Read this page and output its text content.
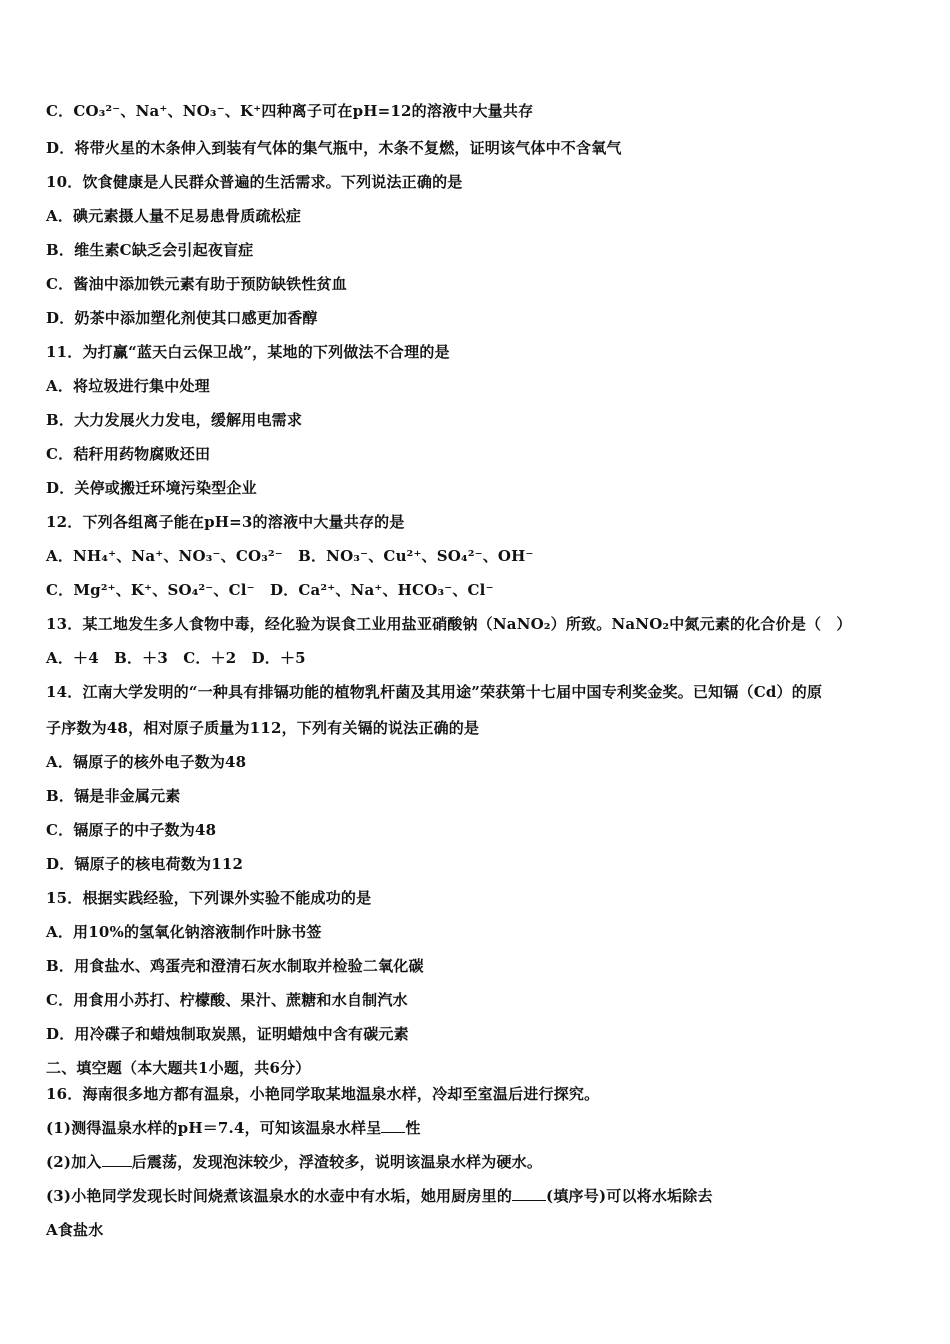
C．CO₃²⁻、Na⁺、NO₃⁻、K⁺四种离子可在pH=12的溶液中大量共存
D．将带火星的木条伸入到装有气体的集气瓶中，木条不复燃，证明该气体中不含氧气
10．饮食健康是人民群众普遍的生活需求。下列说法正确的是
A．碘元素摄人量不足易患骨质疏松症
B．维生素C缺乏会引起夜盲症
C．酱油中添加铁元素有助于预防缺铁性贫血
D．奶茶中添加塑化剂使其口感更加香醇
11．为打赢“蓝天白云保卫战”，某地的下列做法不合理的是
A．将垃圾进行集中处理
B．大力发展火力发电，缓解用电需求
C．秸秆用药物腐败还田
D．关停或搬迁环境污染型企业
12．下列各组离子能在pH=3的溶液中大量共存的是
A．NH₄⁺、Na⁺、NO₃⁻、CO₃²⁻　B．NO₃⁻、Cu²⁺、SO₄²⁻、OH⁻
C．Mg²⁺、K⁺、SO₄²⁻、Cl⁻　D．Ca²⁺、Na⁺、HCO₃⁻、Cl⁻
13．某工地发生多人食物中毒，经化验为误食工业用盐亚硝酸钠（NaNO₂）所致。NaNO₂中氮元素的化合价是（　）
A．＋4　B．＋3　C．＋2　D．＋5
14．江南大学发明的“一种具有排镉功能的植物乳杆菌及其用途”荣获第十七届中国专利奖金奖。已知镉（Cd）的原
子序数为48，相对原子质量为112，下列有关镉的说法正确的是
A．镉原子的核外电子数为48
B．镉是非金属元素
C．镉原子的中子数为48
D．镉原子的核电荷数为112
15．根据实践经验，下列课外实验不能成功的是
A．用10%的氢氧化钠溶液制作叶脉书签
B．用食盐水、鸡蛋壳和澄清石灰水制取并检验二氧化碳
C．用食用小苏打、柠檬酸、果汁、蔗糖和水自制汽水
D．用冷碟子和蜡烛制取炭黑，证明蜡烛中含有碳元素
二、填空题（本大题共1小题，共6分）
16．海南很多地方都有温泉，小艳同学取某地温泉水样，冷却至室温后进行探究。
(1)测得温泉水样的pH＝7.4，可知该温泉水样呈 性
(2)加入 后震荡，发现泡沫较少，浮渣较多，说明该温泉水样为硬水。
(3)小艳同学发现长时间烧煮该温泉水的水壶中有水垢，她用厨房里的 (填序号)可以将水垢除去
A食盐水
